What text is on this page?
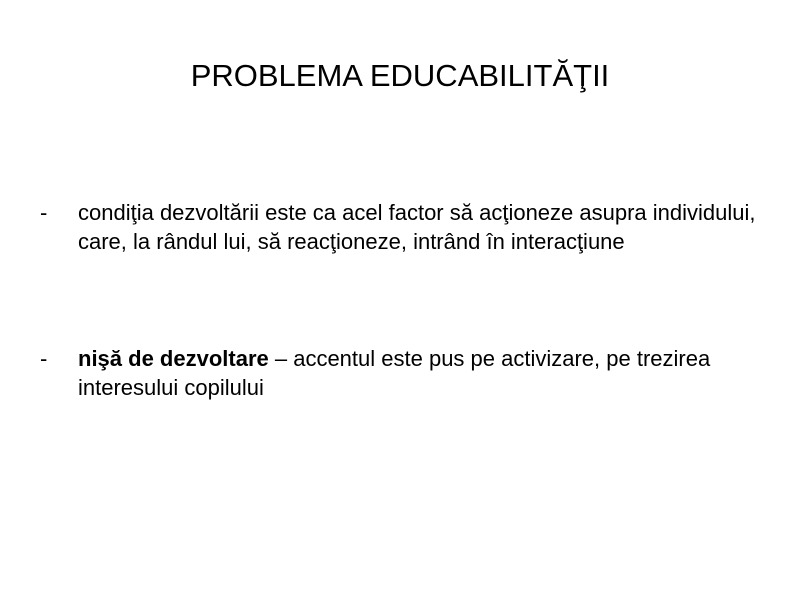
PROBLEMA EDUCABILITĂŢII
-	condiţia dezvoltării este ca acel factor să acţioneze asupra individului, care, la rândul lui, să reacţioneze, intrând în interacţiune
-	nişă de dezvoltare – accentul este pus pe activizare, pe trezirea interesului copilului
